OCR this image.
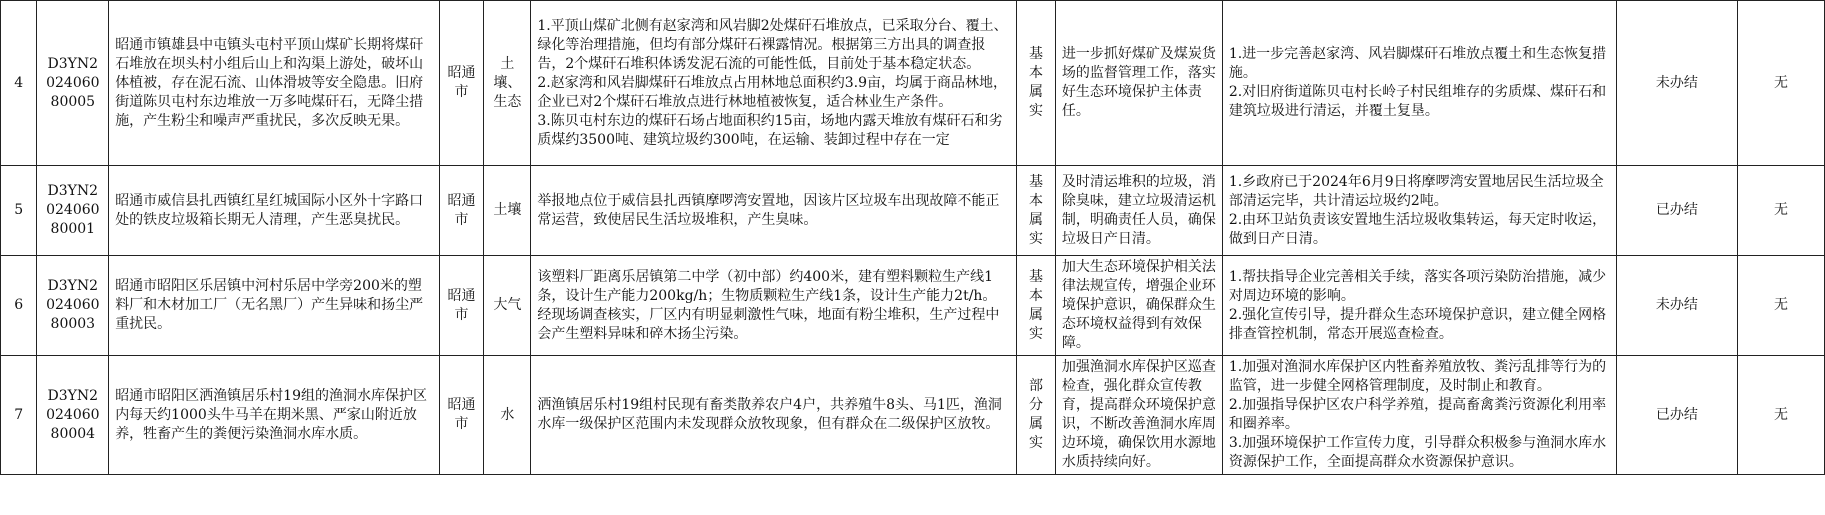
4	D3YN202406080005	昭通市镇雄县中屯镇头屯村平顶山煤矿长期将煤矸石堆放在坝头村小组后山上和沟渠上游处，破坏山体植被，存在泥石流、山体滑坡等安全隐患。旧府街道陈贝屯村东边堆放一万多吨煤矸石，无降尘措施，产生粉尘和噪声严重扰民，多次反映无果。	昭通市	土壤、生态	1.平顶山煤矿北侧有赵家湾和风岩脚2处煤矸石堆放点，已采取分台、覆土、绿化等治理措施，但均有部分煤矸石裸露情况。根据第三方出具的调查报告，2个煤矸石堆积体诱发泥石流的可能性低，目前处于基本稳定状态。
2.赵家湾和风岩脚煤矸石堆放点占用林地总面积约3.9亩，均属于商品林地，企业已对2个煤矸石堆放点进行林地植被恢复，适合林业生产条件。
3.陈贝屯村东边的煤矸石场占地面积约15亩，场地内露天堆放有煤矸石和劣质煤约3500吨、建筑垃圾约300吨，在运输、装卸过程中存在一定	基本属实	进一步抓好煤矿及煤炭货场的监督管理工作，落实好生态环境保护主体责任。	1.进一步完善赵家湾、风岩脚煤矸石堆放点覆土和生态恢复措施。
2.对旧府街道陈贝屯村长岭子村民组堆存的劣质煤、煤矸石和建筑垃圾进行清运，并覆土复垦。	未办结	无
5	D3YN202406080001	昭通市威信县扎西镇红星红城国际小区外十字路口处的铁皮垃圾箱长期无人清理，产生恶臭扰民。	昭通市	土壤	举报地点位于威信县扎西镇摩啰湾安置地，因该片区垃圾车出现故障不能正常运营，致使居民生活垃圾堆积，产生臭味。	基本属实	及时清运堆积的垃圾，消除臭味，建立垃圾清运机制，明确责任人员，确保垃圾日产日清。	1.乡政府已于2024年6月9日将摩啰湾安置地居民生活垃圾全部清运完毕，共计清运垃圾约2吨。
2.由环卫站负责该安置地生活垃圾收集转运，每天定时收运，做到日产日清。	已办结	无
6	D3YN202406080003	昭通市昭阳区乐居镇中河村乐居中学旁200米的塑料厂和木材加工厂（无名黑厂）产生异味和扬尘严重扰民。	昭通市	大气	该塑料厂距离乐居镇第二中学（初中部）约400米，建有塑料颗粒生产线1条，设计生产能力200kg/h；生物质颗粒生产线1条，设计生产能力2t/h。经现场调查核实，厂区内有明显刺激性气味，地面有粉尘堆积，生产过程中会产生塑料异味和碎木扬尘污染。	基本属实	加大生态环境保护相关法律法规宣传，增强企业环境保护意识，确保群众生态环境权益得到有效保障。	1.帮扶指导企业完善相关手续，落实各项污染防治措施，减少对周边环境的影响。
2.强化宣传引导，提升群众生态环境保护意识，建立健全网格排查管控机制，常态开展巡查检查。	未办结	无
7	D3YN202406080004	昭通市昭阳区洒渔镇居乐村19组的渔洞水库保护区内每天约1000头牛马羊在期米黑、严家山附近放养，牲畜产生的粪便污染渔洞水库水质。	昭通市	水	洒渔镇居乐村19组村民现有畜类散养农户4户，共养殖牛8头、马1匹，渔洞水库一级保护区范围内未发现群众放牧现象，但有群众在二级保护区放牧。	部分属实	加强渔洞水库保护区巡查检查，强化群众宣传教育，提高群众环境保护意识，不断改善渔洞水库周边环境，确保饮用水源地水质持续向好。	1.加强对渔洞水库保护区内牲畜养殖放牧、粪污乱排等行为的监管，进一步健全网格管理制度，及时制止和教育。
2.加强指导保护区农户科学养殖，提高畜禽粪污资源化利用率和圈养率。
3.加强环境保护工作宣传力度，引导群众积极参与渔洞水库水资源保护工作，全面提高群众水资源保护意识。	已办结	无
